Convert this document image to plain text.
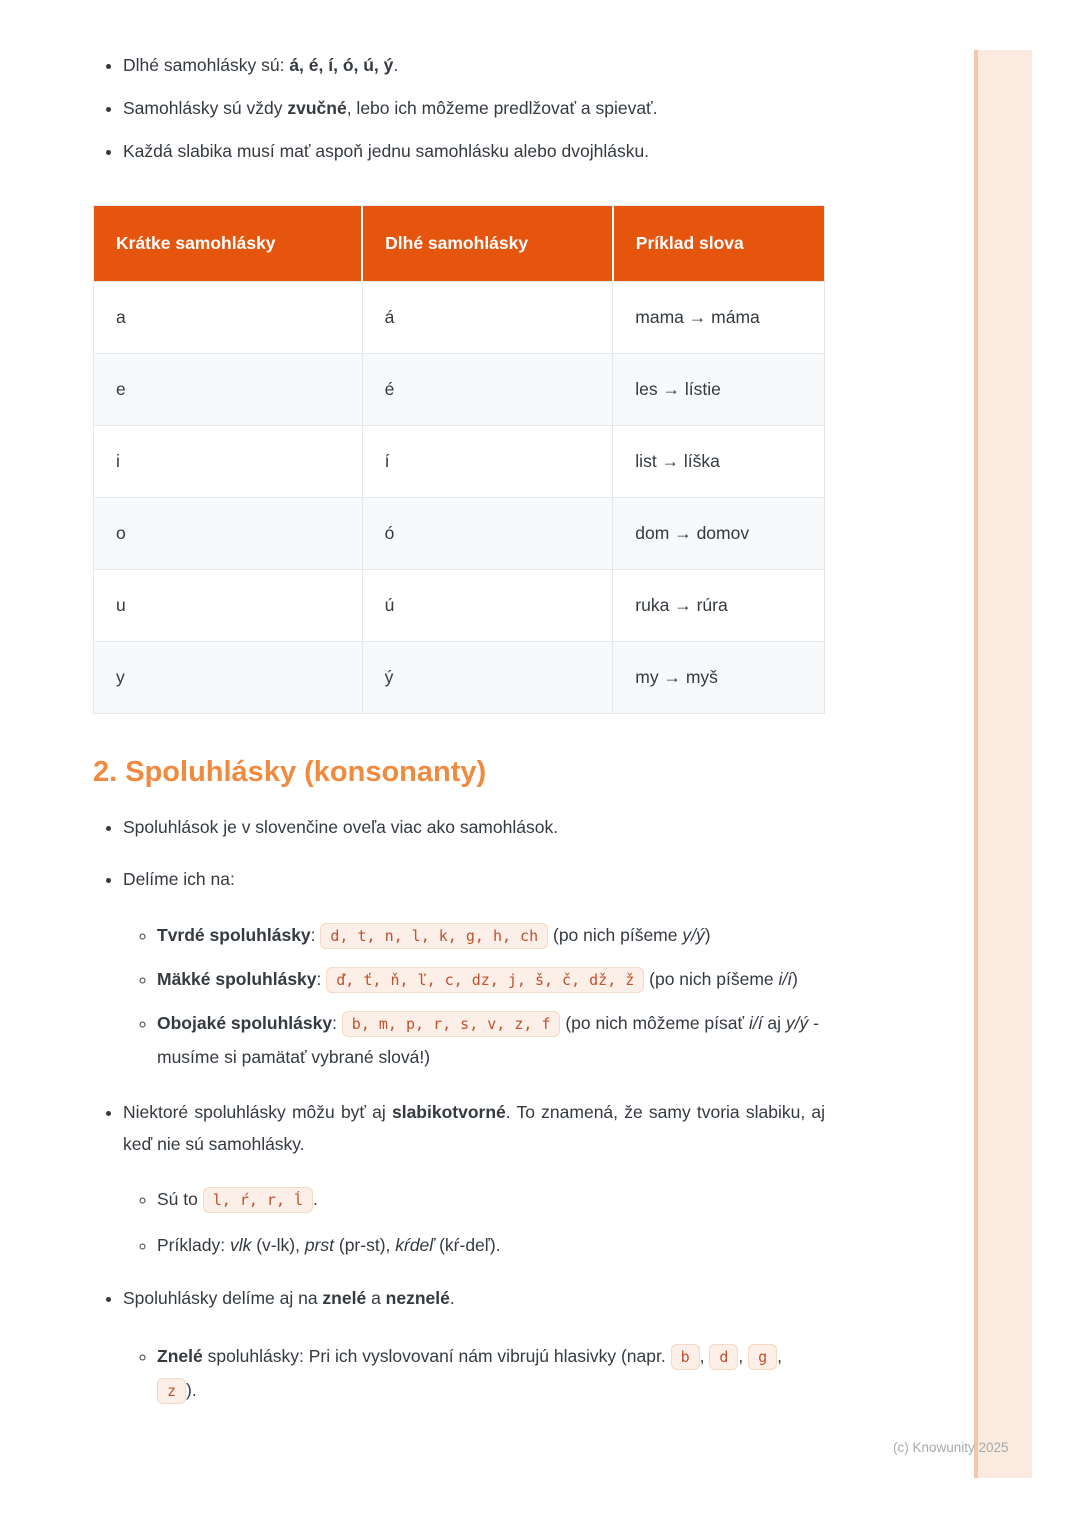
• Dlhé samohlásky sú: á, é, í, ó, ú, ý.
• Samohlásky sú vždy zvučné, lebo ich môžeme predlžovať a spievať.
• Každá slabika musí mať aspoň jednu samohlásku alebo dvojhlásku.
Krátke samohlásky	Dlhé samohlásky	Príklad slova
a	á	mama → máma
e	é	les → lístie
i	í	list → líška
o	ó	dom → domov
u	ú	ruka → rúra
y	ý	my → myš
2. Spoluhlásky (konsonanty)
• Spoluhlások je v slovenčine oveľa viac ako samohlások.
• Delíme ich na:
◦ Tvrdé spoluhlásky: d, t, n, l, k, g, h, ch (po nich píšeme y/ý)
◦ Mäkké spoluhlásky: ď, ť, ň, ľ, c, dz, j, š, č, dž, ž (po nich píšeme i/í)
◦ Obojaké spoluhlásky: b, m, p, r, s, v, z, f (po nich môžeme písať i/í aj y/ý - musíme si pamätať vybrané slová!)
• Niektoré spoluhlásky môžu byť aj slabikotvorné. To znamená, že samy tvoria slabiku, aj keď nie sú samohlásky.
◦ Sú to l, ŕ, r, ĺ .
◦ Príklady: vlk (v-lk), prst (pr-st), kŕdeľ (kŕ-deľ).
• Spoluhlásky delíme aj na znelé a neznelé.
◦ Znelé spoluhlásky: Pri ich vyslovovaní nám vibrujú hlasivky (napr. b , d , g , z ).
(c) Knowunity 2025
